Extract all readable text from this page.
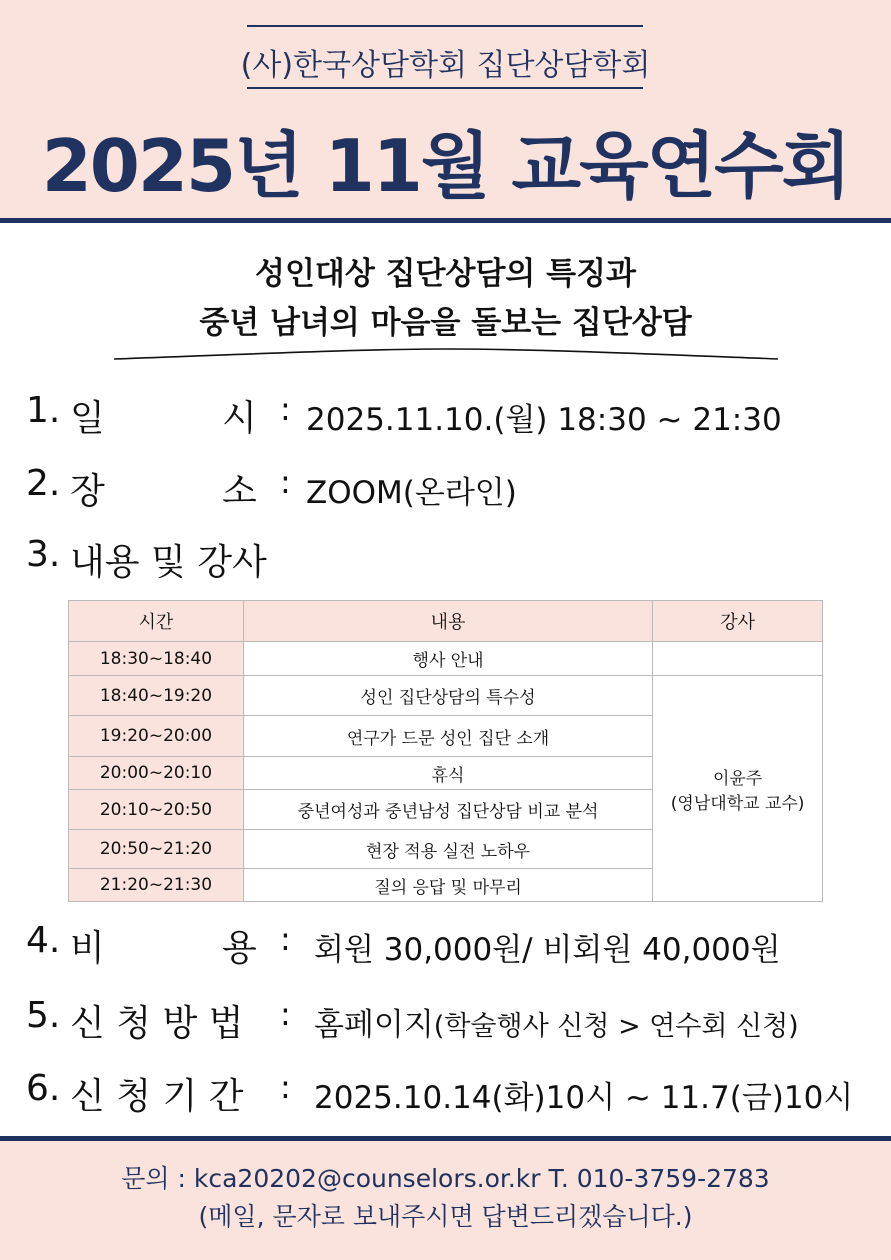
(사)한국상담학회 집단상담학회
2025년 11월 교육연수회
성인대상 집단상담의 특징과
중년 남녀의 마음을 돌보는 집단상담
1. 일	시 : 2025.11.10.(월) 18:30 ~ 21:30
2. 장	소 : ZOOM(온라인)
3. 내용 및 강사
시간	내용	강사
18:30~18:40	행사 안내	
18:40~19:20	성인 집단상담의 특수성	이윤주
(영남대학교 교수)

19:20~20:00	연구가 드문 성인 집단 소개	
20:00~20:10	휴식	
20:10~20:50	중년여성과 중년남성 집단상담 비교 분석	
20:50~21:20	현장 적용 실전 노하우	
21:20~21:30	질의 응답 및 마무리	
4. 비	용 : 회원 30,000원/ 비회원 40,000원
5. 신 청 방 법 : 홈페이지(학술행사 신청 > 연수회 신청)
6. 신 청 기 간 : 2025.10.14(화)10시 ~ 11.7(금)10시
문의 : kca20202@counselors.or.kr T. 010-3759-2783
(메일, 문자로 보내주시면 답변드리겠습니다.)
